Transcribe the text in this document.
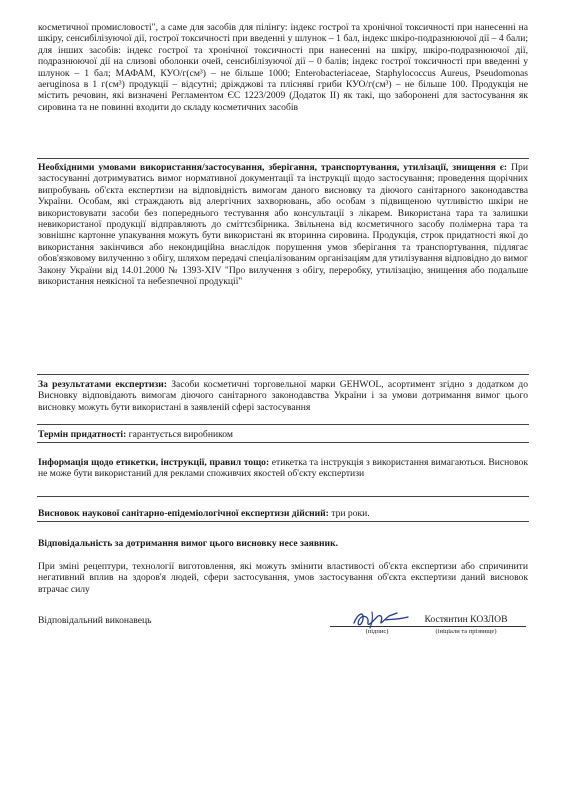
косметичної промисловості", а саме для засобів для пілінгу: індекс гострої та хронічної токсичності при нанесенні на шкіру, сенсибілізуючої дії, гострої токсичності при введенні у шлунок – 1 бал, індекс шкіро-подразнюючої дії – 4 бали; для інших засобів: індекс гострої та хронічної токсичності при нанесенні на шкіру, шкіро-подразнюючої дії, подразнюючої дії на слизові оболонки очей, сенсибілізуючої дії – 0 балів; індекс гострої токсичності при введенні у шлунок – 1 бал; МАФАМ, КУО/г(см³) – не більше 1000; Enterobacteriaceae, Staphylococcus Aureus, Pseudomonas aeruginosa в 1 г(см³) продукції – відсутні; дріжджові та пліснявí гриби КУО/г(см³) – не більше 100. Продукція не містить речовин, які визначені Регламентом ЄС 1223/2009 (Додаток ІІ) як такі, що заборонені для застосування як сировина та не повинні входити до складу косметичних засобів
Необхідними умовами використання/застосування, зберігання, транспортування, утилізації, знищення є: При застосуванні дотримуватись вимог нормативної документації та інструкції щодо застосування; проведення щорічних випробувань об'єкта експертизи на відповідність вимогам даного висновку та діючого санітарного законодавства України. Особам, які страждають від алергічних захворювань, або особам з підвищеною чутливістю шкіри не використовувати засоби без попереднього тестування або консультації з лікарем. Використана тара та залишки невикористаної продукції відправляють до сміттєзбірника. Звільнена від косметичного засобу полімерна тара та зовнішнє картонне упакування можуть бути використані як вторинна сировина. Продукція, строк придатності якої до використання закінчився або некондиційна внаслідок порушення умов зберігання та транспортування, підлягає обов'язковому вилученню з обігу, шляхом передачі спеціалізованим організаціям для утилізування відповідно до вимог Закону України від 14.01.2000 № 1393-XIV "Про вилучення з обігу, переробку, утилізацію, знищення або подальше використання неякісної та небезпечної продукції"
За результатами експертизи: Засоби косметичні торговельної марки GEHWOL, асортимент згідно з додатком до Висновку відповідають вимогам діючого санітарного законодавства України і за умови дотримання вимог цього висновку можуть бути використані в заявленій сфері застосування
Термін придатності: гарантується виробником
Інформація щодо етикетки, інструкції, правил тощо: етикетка та інструкція з використання вимагаються. Висновок не може бути використаний для реклами споживчих якостей об'єкту експертизи
Висновок наукової санітарно-епідеміологічної експертизи дійсний: три роки.
Відповідальність за дотримання вимог цього висновку несе заявник.
При зміні рецептури, технології виготовлення, які можуть змінити властивості об'єкта експертизи або спричинити негативний вплив на здоров'я людей, сфери застосування, умов застосування об'єкта експертизи даний висновок втрачає силу
Відповідальний виконавець
(підпис)
Костянтин КОЗЛОВ
(ініціали та прізвище)
